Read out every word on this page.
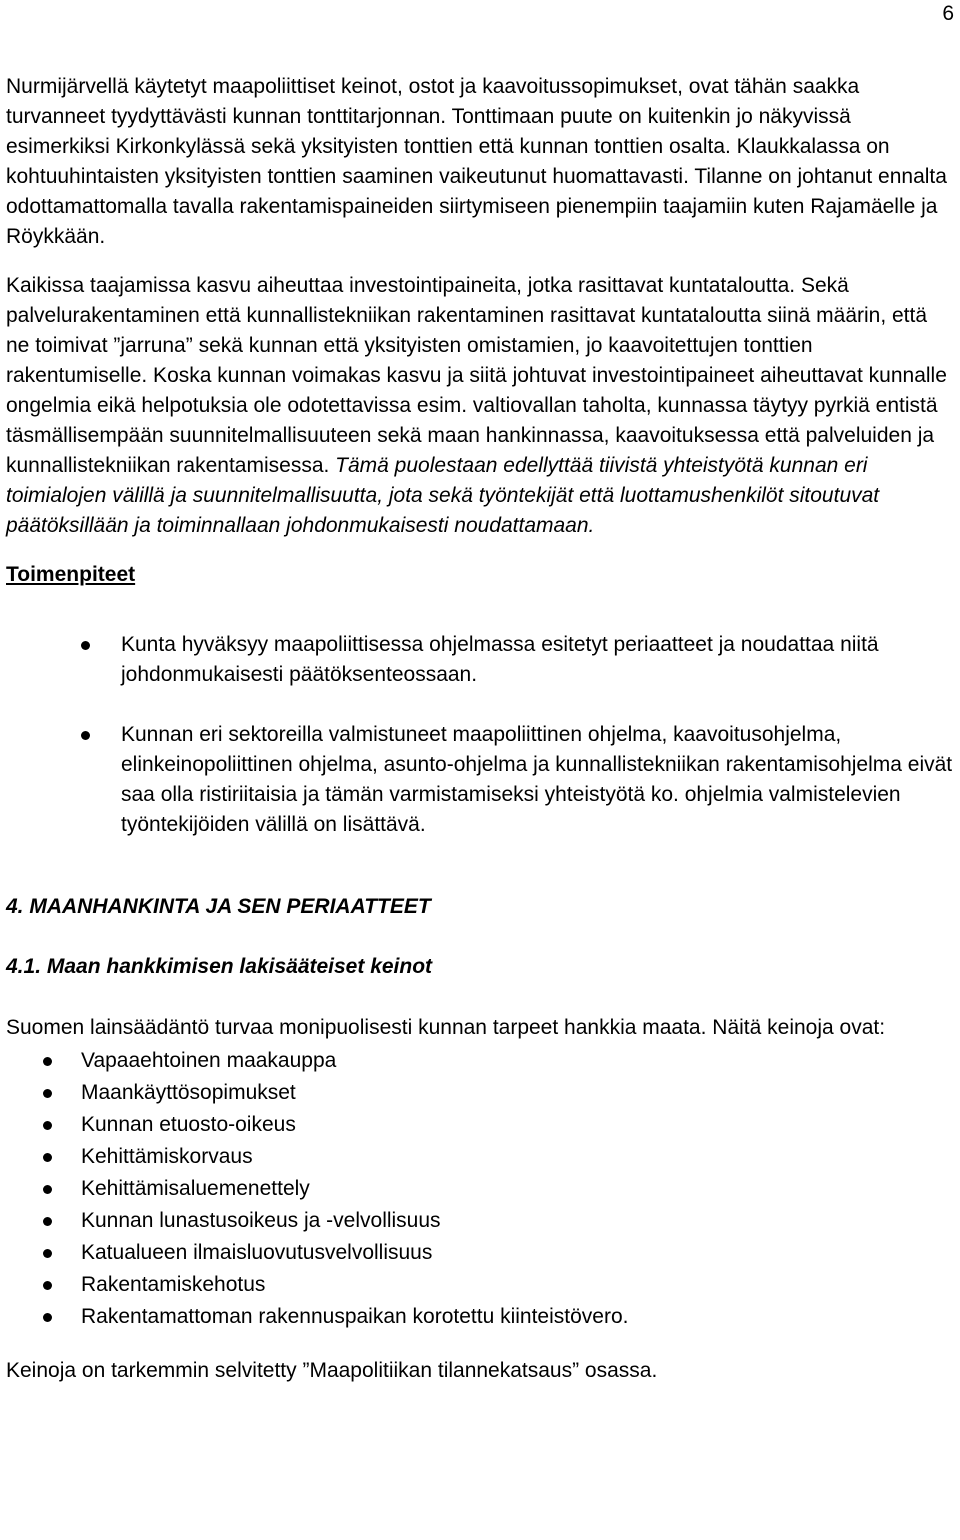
6

Nurmijärvellä käytetyt maapoliittiset keinot, ostot ja kaavoitussopimukset, ovat tähän saakka turvanneet tyydyttävästi kunnan tonttitarjonnan. Tonttimaan puute on kuitenkin jo näkyvissä esimerkiksi Kirkonkylässä sekä yksityisten tonttien että kunnan tonttien osalta. Klaukkalassa on kohtuuhintaisten yksityisten tonttien saaminen vaikeutunut huomattavasti. Tilanne on johtanut ennalta odottamattomalla tavalla rakentamispaineiden siirtymiseen pienempiin taajamiin kuten Rajamäelle ja Röykkään.

Kaikissa taajamissa kasvu aiheuttaa investointipaineita, jotka rasittavat kuntataloutta. Sekä palvelurakentaminen että kunnallistekniikan rakentaminen rasittavat kuntataloutta siinä määrin, että ne toimivat ”jarruna” sekä kunnan että yksityisten omistamien, jo kaavoitettujen tonttien rakentumiselle. Koska kunnan voimakas kasvu ja siitä johtuvat investointipaineet aiheuttavat kunnalle ongelmia eikä helpotuksia ole odotettavissa esim. valtiovallan taholta, kunnassa täytyy pyrkiä entistä täsmällisempään suunnitelmallisuuteen sekä maan hankinnassa, kaavoituksessa että palveluiden ja kunnallistekniikan rakentamisessa. Tämä puolestaan edellyttää tiivistä yhteistyötä kunnan eri toimialojen välillä ja suunnitelmallisuutta, jota sekä työntekijät että luottamushenkilöt sitoutuvat päätöksillään ja toiminnallaan johdonmukaisesti noudattamaan.

Toimenpiteet

Kunta hyväksyy maapoliittisessa ohjelmassa esitetyt periaatteet ja noudattaa niitä johdonmukaisesti päätöksenteossaan.
Kunnan eri sektoreilla valmistuneet maapoliittinen ohjelma, kaavoitusohjelma, elinkeinopoliittinen ohjelma, asunto-ohjelma ja kunnallistekniikan rakentamisohjelma eivät saa olla ristiriitaisia ja tämän varmistamiseksi yhteistyötä ko. ohjelmia valmistelevien työntekijöiden välillä on lisättävä.

4. MAANHANKINTA JA SEN PERIAATTEET

4.1. Maan hankkimisen lakisääteiset keinot

Suomen lainsäädäntö turvaa monipuolisesti kunnan tarpeet hankkia maata. Näitä keinoja ovat:

Vapaaehtoinen maakauppa
Maankäyttösopimukset
Kunnan etuosto-oikeus
Kehittämiskorvaus
Kehittämisaluemenettely
Kunnan lunastusoikeus ja -velvollisuus
Katualueen ilmaisluovutusvelvollisuus
Rakentamiskehotus
Rakentamattoman rakennuspaikan korotettu kiinteistövero.

Keinoja on tarkemmin selvitetty ”Maapolitiikan tilannekatsaus” osassa.
